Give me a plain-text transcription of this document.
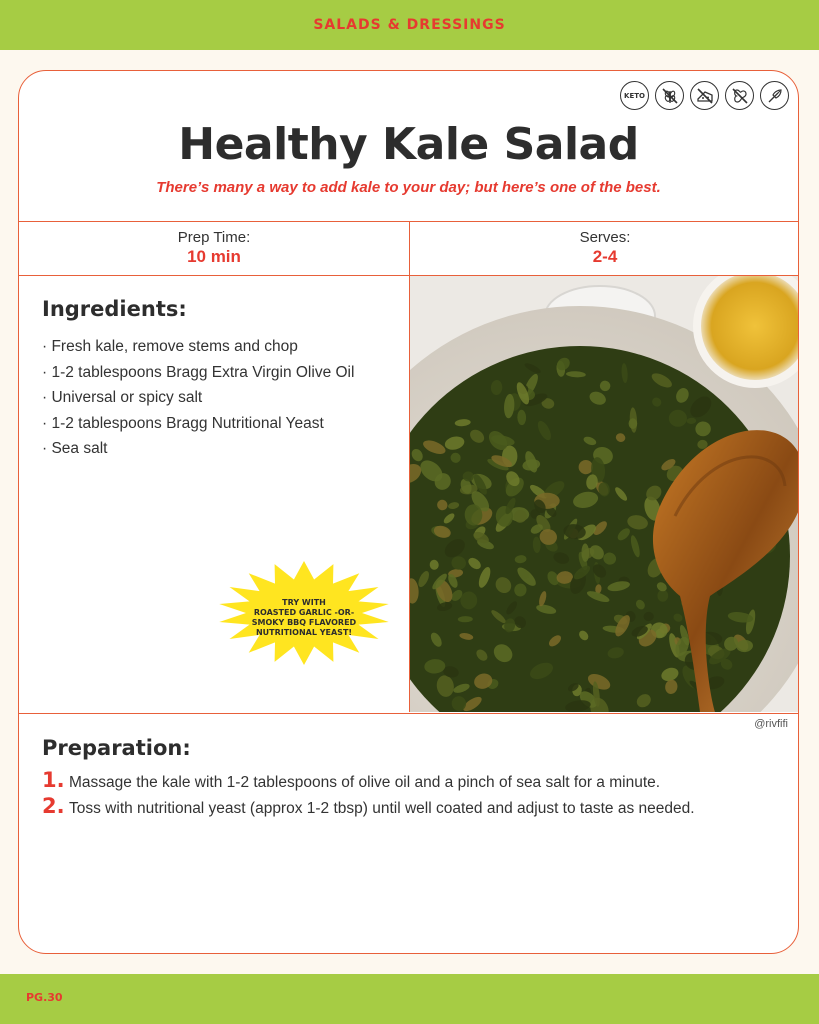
SALADS & DRESSINGS
KETO
Healthy Kale Salad
There’s many a way to add kale to your day; but here’s one of the best.
Prep Time:
10 min
Serves:
2-4
Ingredients:
· Fresh kale, remove stems and chop
· 1-2 tablespoons Bragg Extra Virgin Olive Oil
· Universal or spicy salt
· 1-2 tablespoons Bragg Nutritional Yeast
· Sea salt
TRY WITH
ROASTED GARLIC -OR-
SMOKY BBQ FLAVORED
NUTRITIONAL YEAST!
@rivfifi
Preparation:
1. Massage the kale with 1-2 tablespoons of olive oil and a pinch of sea salt for a minute.
2. Toss with nutritional yeast (approx 1-2 tbsp) until well coated and adjust to taste as needed.
PG.30
